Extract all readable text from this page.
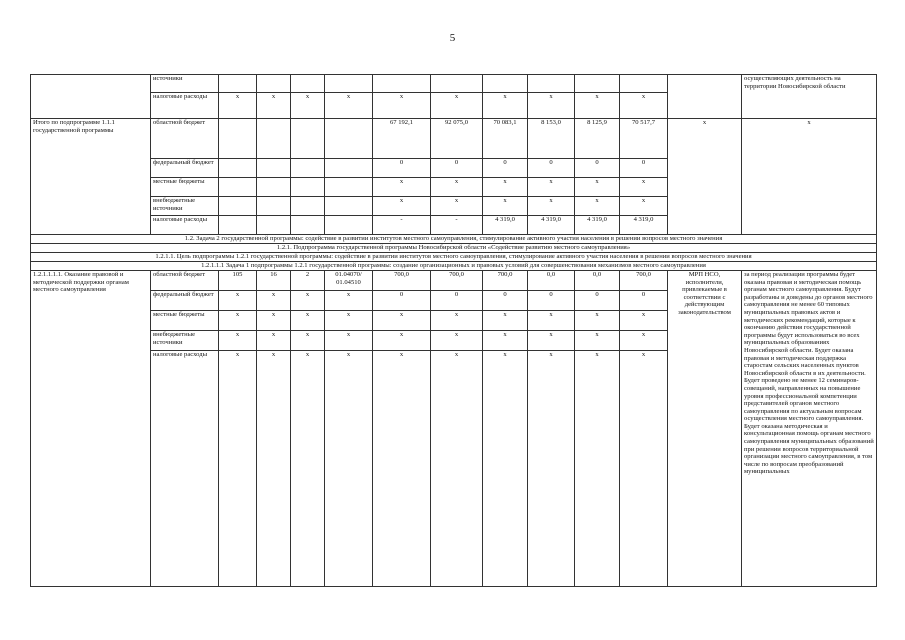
5
	источники												осуществляющих деятельность на территории Новосибирской области
	налоговые расходы	x	x	x	x	x	x	x	x	x	x		
Итого по подпрограмме 1.1.1 государственной программы	областной бюджет					67 192,1	92 075,0	70 083,1	8 153,0	8 125,9	70 517,7	x	x
	федеральный бюджет					0	0	0	0	0	0		
	местные бюджеты					x	x	x	x	x	x		
	внебюджетные источники					x	x	x	x	x	x		
	налоговые расходы					-	-	4 319,0	4 319,0	4 319,0	4 319,0		
1.2. Задача 2 государственной программы: содействие в развитии институтов местного самоуправления, стимулирование активного участия населения в решении вопросов местного значения													
1.2.1. Подпрограмма государственной программы Новосибирской области «Содействие развитию местного самоуправления»													
1.2.1.1. Цель подпрограммы 1.2.1 государственной программы: содействие в развитии институтов местного самоуправления, стимулирование активного участия населения в решении вопросов местного значения													
1.2.1.1.1 Задача 1 подпрограммы 1.2.1 государственной программы: создание организационных и правовых условий для совершенствования механизмов местного самоуправления													
1.2.1.1.1.1. Оказание правовой и методической поддержки органам местного самоуправления	областной бюджет	105	16	2	01.04070/ 01.04510	700,0	700,0	700,0	0,0	0,0	700,0	МРП НСО, исполнители, привлекаемые в соответствии с действующим законодательством	за период реализации программы будет оказана правовая и методическая помощь органам местного самоуправления. Будут разработаны и доведены до органов местного самоуправления не менее 60 типовых муниципальных правовых актов и методических рекомендаций, которые к окончанию действия государственной программы будут использоваться во всех муниципальных образованиях Новосибирской области. Будет оказана правовая и методическая поддержка старостам сельских населенных пунктов Новосибирской области в их деятельности. Будет проведено не менее 12 семинаров-совещаний, направленных на повышение уровня профессиональной компетенции представителей органов местного самоуправления по актуальным вопросам осуществления местного самоуправления. Будет оказана методическая и консультационная помощь органам местного самоуправления муниципальных образований при решении вопросов территориальной организации местного самоуправления, в том числе по вопросам преобразований муниципальных
	федеральный бюджет	x	x	x	x	0	0	0	0	0	0		
	местные бюджеты	x	x	x	x	x	x	x	x	x	x		
	внебюджетные источники	x	x	x	x	x	x	x	x	x	x		
	налоговые расходы	x	x	x	x	x	x	x	x	x	x		
